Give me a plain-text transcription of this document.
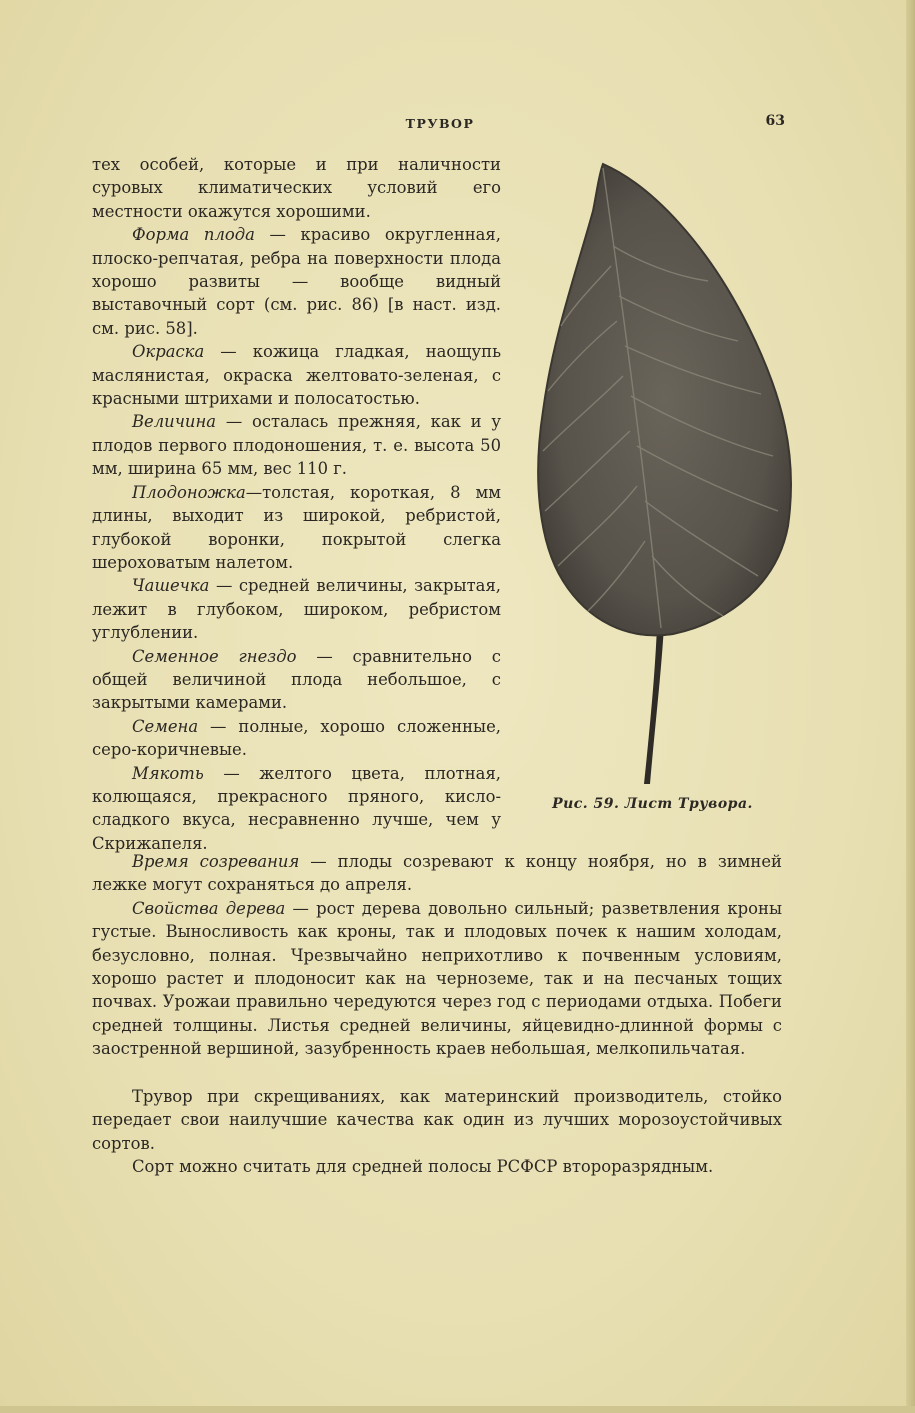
ТРУВОР	63

тех особей, которые и при наличности суровых климатических условий его местности окажутся хорошими.

Форма плода — красиво округленная, плоско-репчатая, ребра на поверхности плода хорошо развиты — вообще видный выставочный сорт (см. рис. 86) [в наст. изд. см. рис. 58].

Окраска — кожица гладкая, наощупь маслянистая, окраска желтовато-зеленая, с красными штрихами и полосатостью.

Величина — осталась прежняя, как и у плодов первого плодоношения, т. е. высота 50 мм, ширина 65 мм, вес 110 г.

Плодоножка—толстая, короткая, 8 мм длины, выходит из широкой, ребристой, глубокой воронки, покрытой слегка шероховатым налетом.

Чашечка — средней величины, закрытая, лежит в глубоком, широком, ребристом углублении.

Семенное гнездо — сравнительно с общей величиной плода небольшое, с закрытыми камерами.

Семена — полные, хорошо сложенные, серо-коричневые.

Мякоть — желтого цвета, плотная, колющаяся, прекрасного пряного, кисло-сладкого вкуса, несравненно лучше, чем у Скрижапеля.

Рис. 59. Лист Трувора.

Время созревания — плоды созревают к концу ноября, но в зимней лежке могут сохраняться до апреля.

Свойства дерева — рост дерева довольно сильный; разветвления кроны густые. Выносливость как кроны, так и плодовых почек к нашим холодам, безусловно, полная. Чрезвычайно неприхотливо к почвенным условиям, хорошо растет и плодоносит как на черноземе, так и на песчаных тощих почвах. Урожаи правильно чередуются через год с периодами отдыха. Побеги средней толщины. Листья средней величины, яйцевидно-длинной формы с заостренной вершиной, зазубренность краев небольшая, мелкопильчатая.

Трувор при скрещиваниях, как материнский производитель, стойко передает свои наилучшие качества как один из лучших морозоустойчивых сортов.

Сорт можно считать для средней полосы РСФСР второразрядным.
